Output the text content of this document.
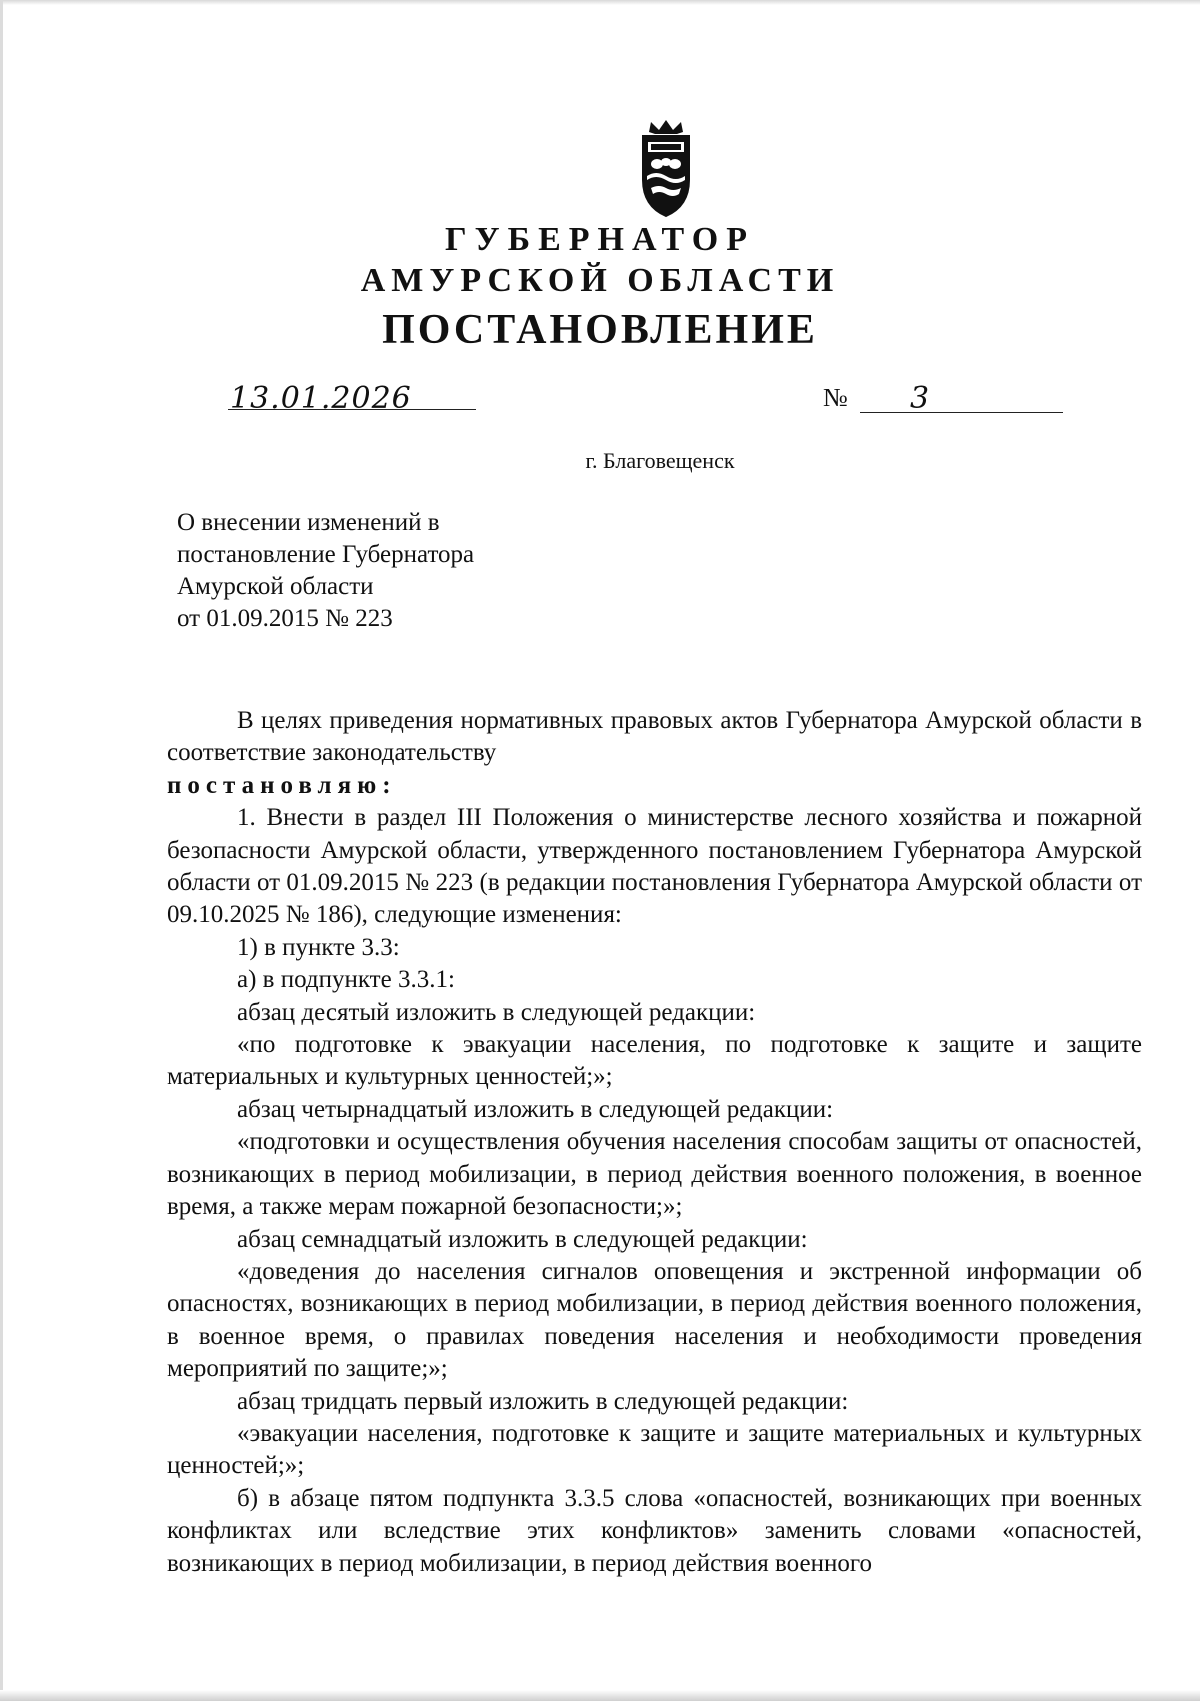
ГУБЕРНАТОР
АМУРСКОЙ ОБЛАСТИ
ПОСТАНОВЛЕНИЕ
13.01.2026	№ 3
г. Благовещенск
О внесении изменений в
постановление Губернатора
Амурской области
от 01.09.2015 № 223
В целях приведения нормативных правовых актов Губернатора Амурской области в соответствие законодательству
постановляю:
1. Внести в раздел III Положения о министерстве лесного хозяйства и пожарной безопасности Амурской области, утвержденного постановлением Губернатора Амурской области от 01.09.2015 № 223 (в редакции постановления Губернатора Амурской области от 09.10.2025 № 186), следующие изменения:
1) в пункте 3.3:
а) в подпункте 3.3.1:
абзац десятый изложить в следующей редакции:
«по подготовке к эвакуации населения, по подготовке к защите и защите материальных и культурных ценностей;»;
абзац четырнадцатый изложить в следующей редакции:
«подготовки и осуществления обучения населения способам защиты от опасностей, возникающих в период мобилизации, в период действия военного положения, в военное время, а также мерам пожарной безопасности;»;
абзац семнадцатый изложить в следующей редакции:
«доведения до населения сигналов оповещения и экстренной информации об опасностях, возникающих в период мобилизации, в период действия военного положения, в военное время, о правилах поведения населения и необходимости проведения мероприятий по защите;»;
абзац тридцать первый изложить в следующей редакции:
«эвакуации населения, подготовке к защите и защите материальных и культурных ценностей;»;
б) в абзаце пятом подпункта 3.3.5 слова «опасностей, возникающих при военных конфликтах или вследствие этих конфликтов» заменить словами «опасностей, возникающих в период мобилизации, в период действия военного
